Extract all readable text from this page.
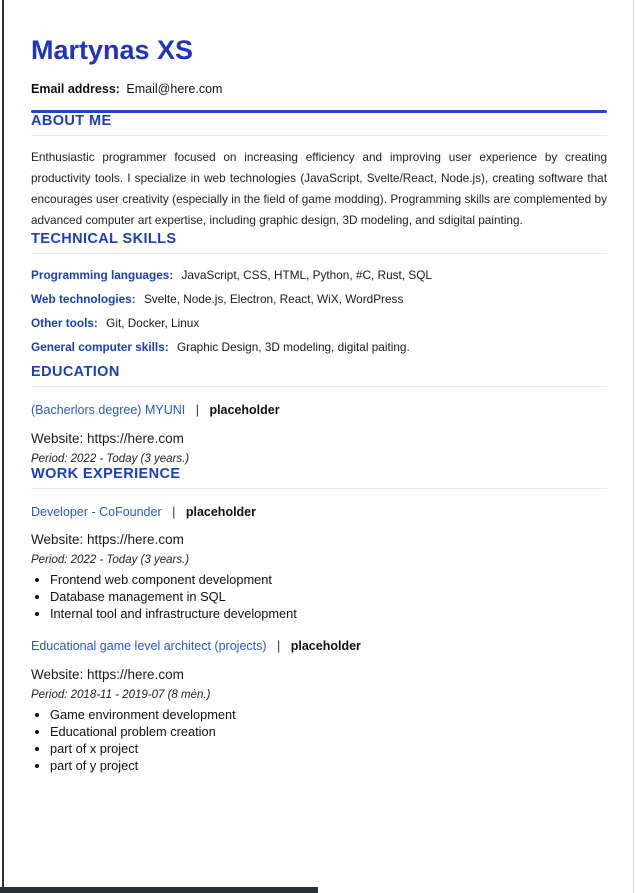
Martynas XS

Email address: Email@here.com

ABOUT ME

Enthusiastic programmer focused on increasing efficiency and improving user experience by creating productivity tools. I specialize in web technologies (JavaScript, Svelte/React, Node.js), creating software that encourages user creativity (especially in the field of game modding). Programming skills are complemented by advanced computer art expertise, including graphic design, 3D modeling, and sdigital painting.

TECHNICAL SKILLS

Programming languages: JavaScript, CSS, HTML, Python, #C, Rust, SQL

Web technologies: Svelte, Node.js, Electron, React, WiX, WordPress

Other tools: Git, Docker, Linux

General computer skills: Graphic Design, 3D modeling, digital paiting.

EDUCATION

(Bacherlors degree) MYUNI | placeholder

Website: https://here.com

Period: 2022 - Today (3 years.)

WORK EXPERIENCE

Developer - CoFounder | placeholder

Website: https://here.com

Period: 2022 - Today (3 years.)

• Frontend web component development
• Database management in SQL
• Internal tool and infrastructure development

Educational game level architect (projects) | placeholder

Website: https://here.com

Period: 2018-11 - 2019-07 (8 mėn.)

• Game environment development
• Educational problem creation
• part of x project
• part of y project
